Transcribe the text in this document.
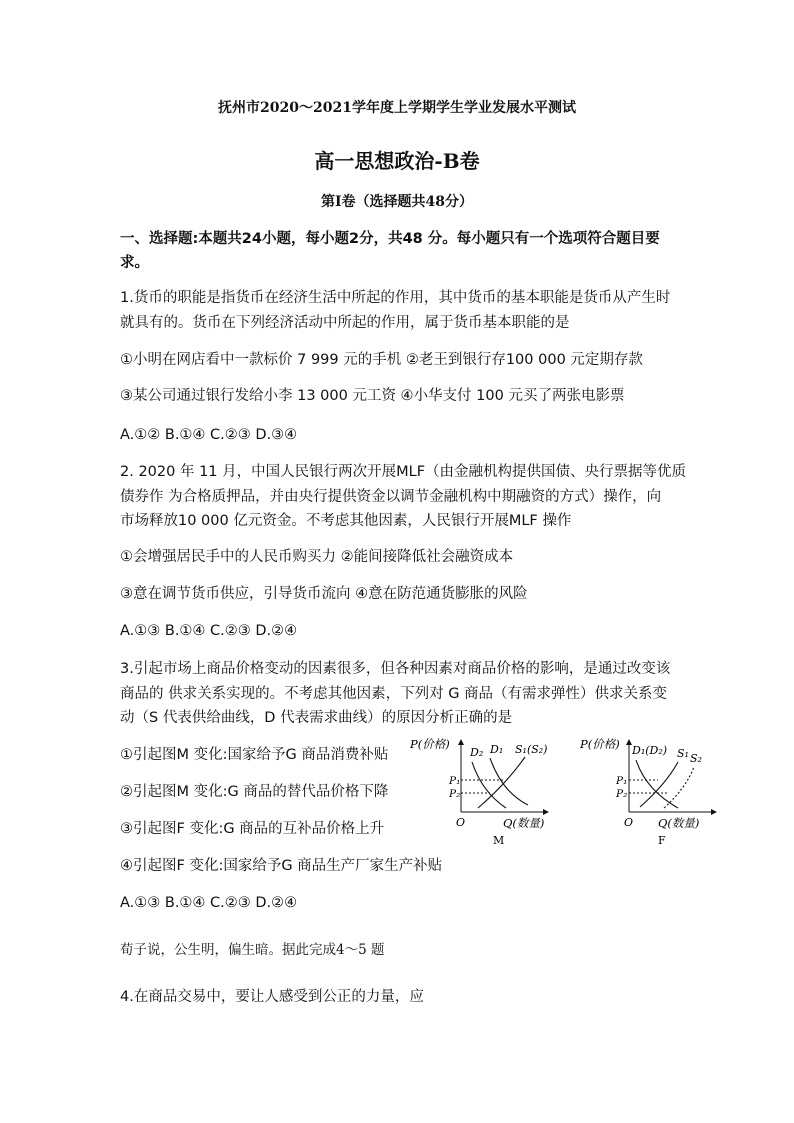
抚州市2020～2021学年度上学期学生学业发展水平测试
高一思想政治-B卷
第Ⅰ卷（选择题共48分）
一、选择题:本题共24小题，每小题2分，共48 分。每小题只有一个选项符合题目要
求。
1.货币的职能是指货币在经济生活中所起的作用，其中货币的基本职能是货币从产生时
就具有的。货币在下列经济活动中所起的作用，属于货币基本职能的是
①小明在网店看中一款标价 7 999 元的手机 ②老王到银行存100 000 元定期存款
③某公司通过银行发给小李 13 000 元工资 ④小华支付 100 元买了两张电影票
A.①② B.①④ C.②③ D.③④
2. 2020 年 11 月，中国人民银行两次开展MLF（由金融机构提供国债、央行票据等优质
债券作 为合格质押品，并由央行提供资金以调节金融机构中期融资的方式）操作，向
市场释放10 000 亿元资金。不考虑其他因素，人民银行开展MLF 操作
①会增强居民手中的人民币购买力 ②能间接降低社会融资成本
③意在调节货币供应，引导货币流向 ④意在防范通货膨胀的风险
A.①③ B.①④ C.②③ D.②④
3.引起市场上商品价格变动的因素很多，但各种因素对商品价格的影响，是通过改变该
商品的 供求关系实现的。不考虑其他因素，下列对 G 商品（有需求弹性）供求关系变
动（S 代表供给曲线，D 代表需求曲线）的原因分析正确的是
①引起图M 变化:国家给予G 商品消费补贴
②引起图M 变化:G 商品的替代品价格下降
③引起图F 变化:G 商品的互补品价格上升
④引起图F 变化:国家给予G 商品生产厂家生产补贴
A.①③ B.①④ C.②③ D.②④
P(价格)
O	Q(数量)
D₂ D₁ S₁(S₂)
P₁
P₂
M
P(价格)
O Q(数量)
D₁(D₂) S₁ S₂
P₁
P₂
F
荀子说，公生明，偏生暗。据此完成4～5 题
4.在商品交易中，要让人感受到公正的力量，应
